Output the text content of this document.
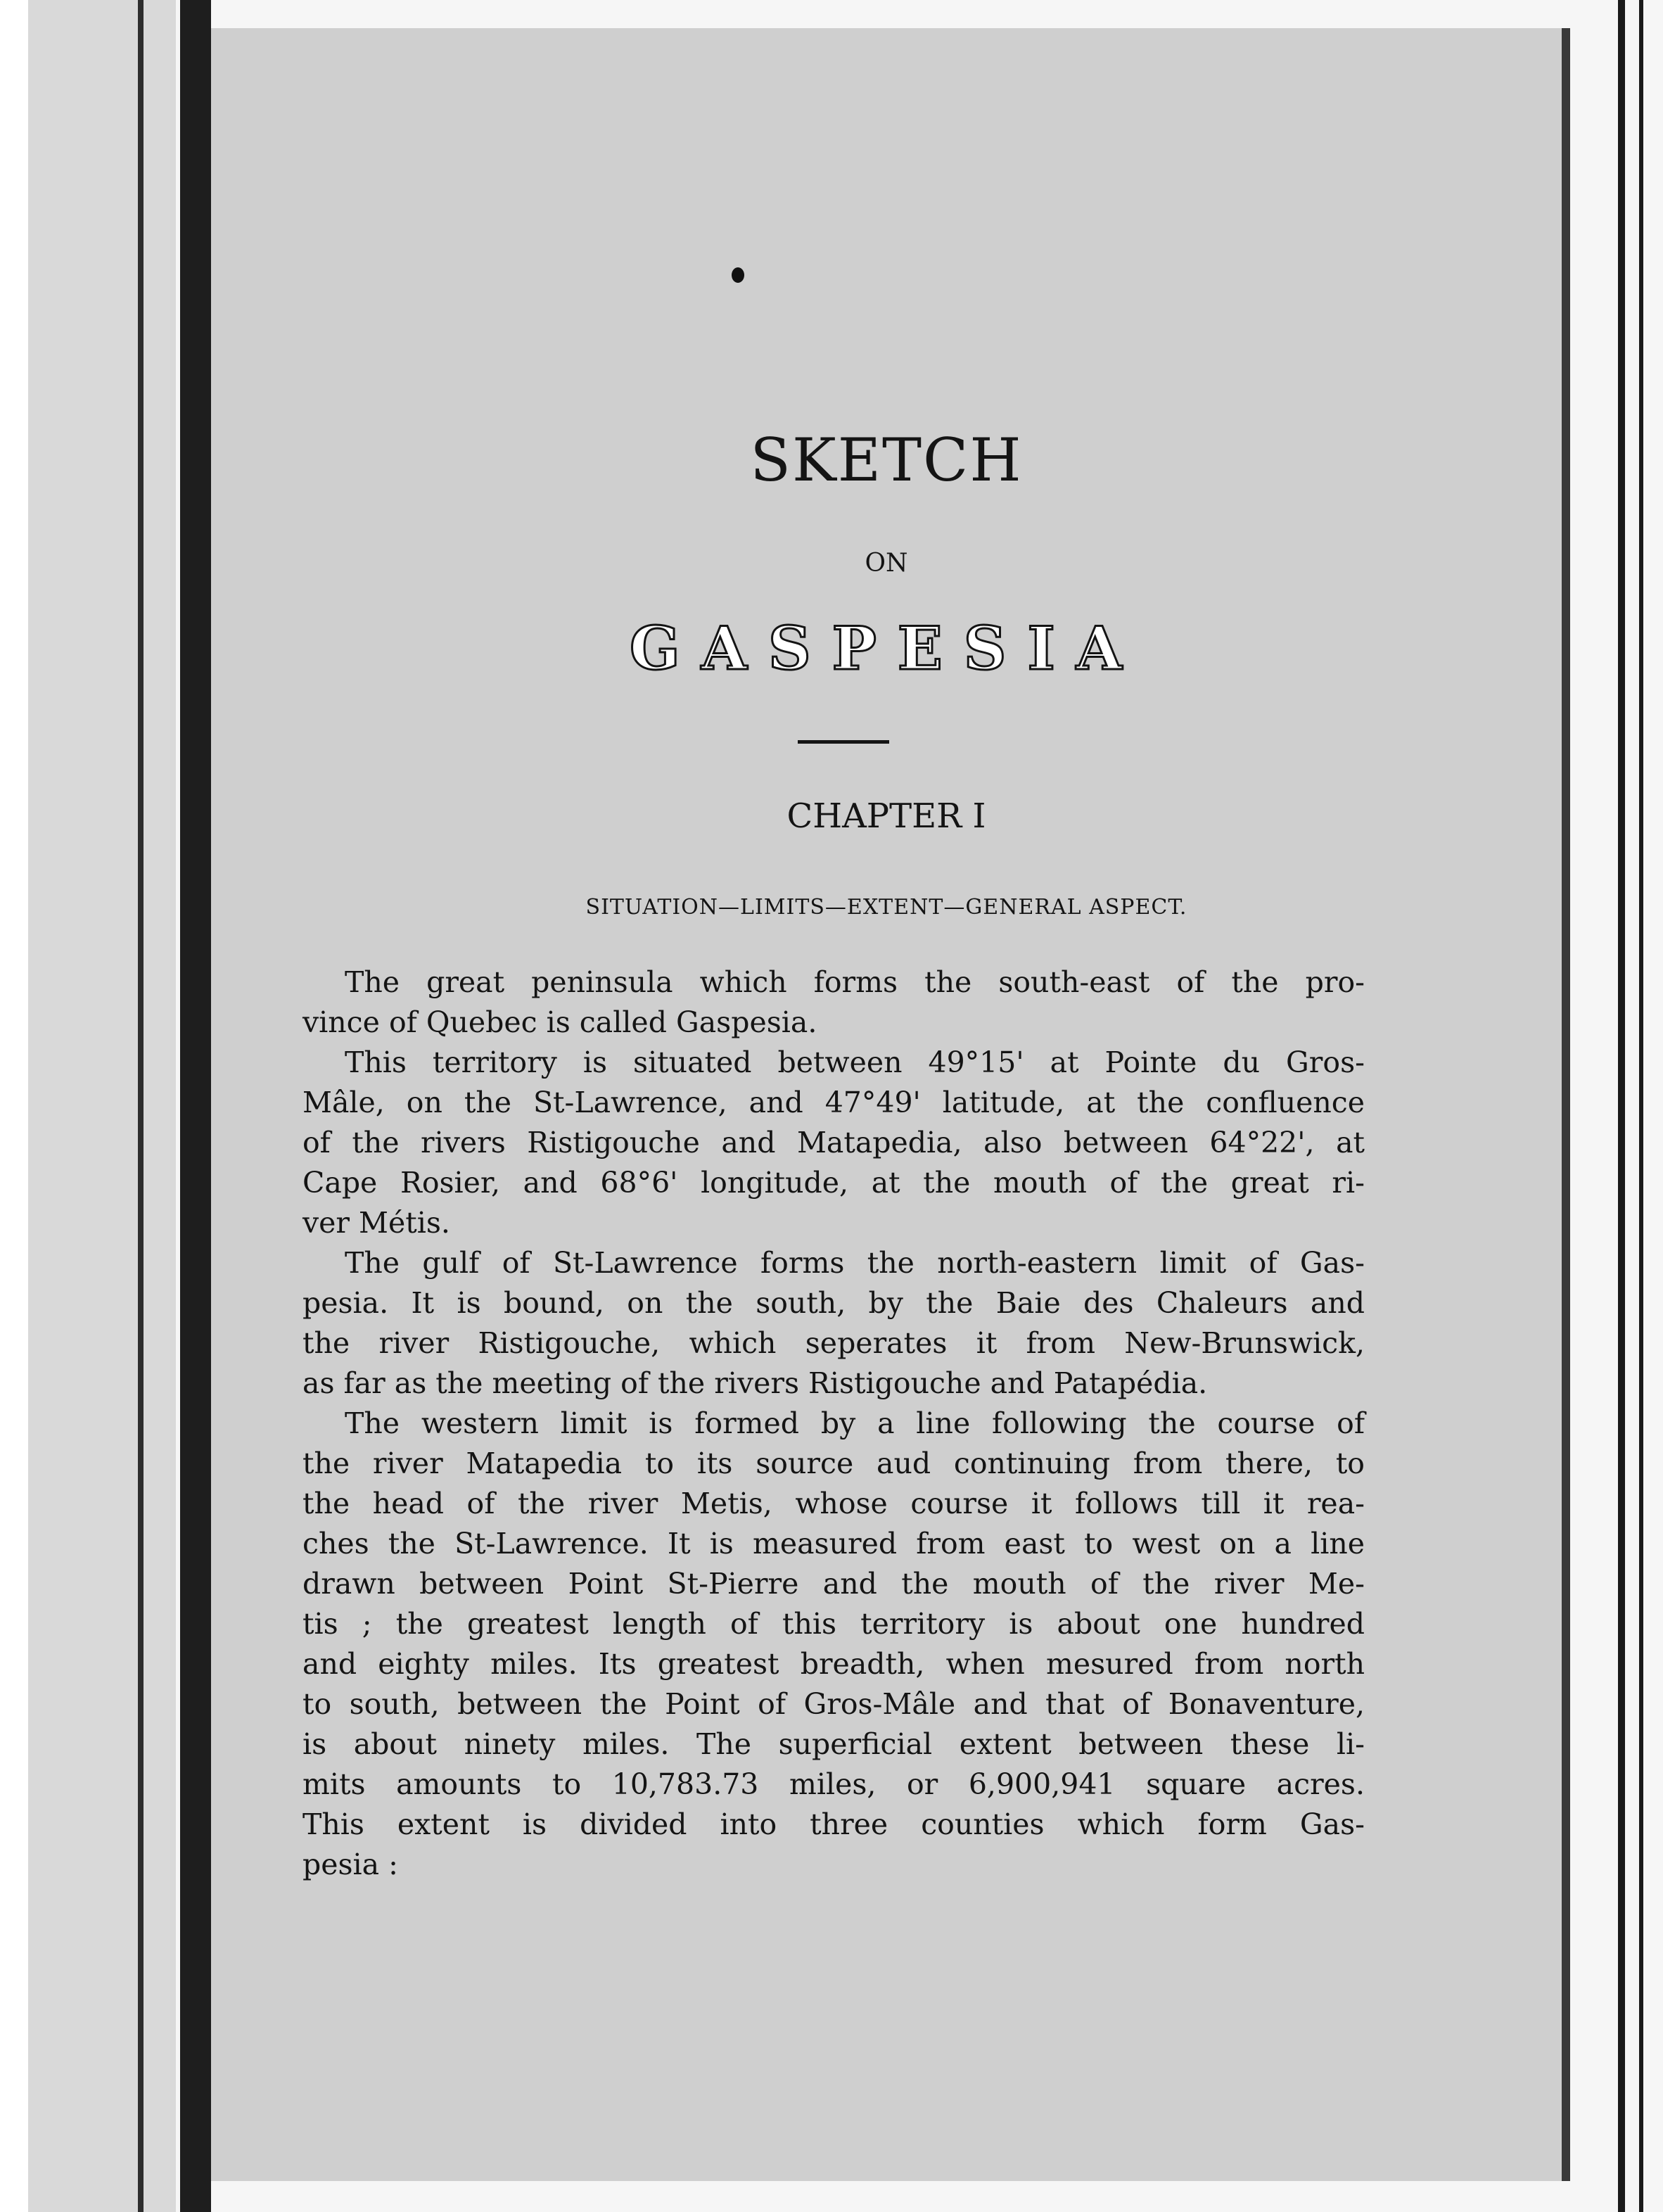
SKETCH
ON
GASPESIA
CHAPTER I
SITUATION—LIMITS—EXTENT—GENERAL ASPECT.
The great peninsula which forms the south-east of the pro-
vince of Quebec is called Gaspesia.
This territory is situated between 49°15' at Pointe du Gros-
Mâle, on the St-Lawrence, and 47°49' latitude, at the confluence
of the rivers Ristigouche and Matapedia, also between 64°22', at
Cape Rosier, and 68°6' longitude, at the mouth of the great ri-
ver Métis.
The gulf of St-Lawrence forms the north-eastern limit of Gas-
pesia. It is bound, on the south, by the Baie des Chaleurs and
the river Ristigouche, which seperates it from New-Brunswick,
as far as the meeting of the rivers Ristigouche and Patapédia.
The western limit is formed by a line following the course of
the river Matapedia to its source aud continuing from there, to
the head of the river Metis, whose course it follows till it rea-
ches the St-Lawrence. It is measured from east to west on a line
drawn between Point St-Pierre and the mouth of the river Me-
tis ; the greatest length of this territory is about one hundred
and eighty miles. Its greatest breadth, when mesured from north
to south, between the Point of Gros-Mâle and that of Bonaventure,
is about ninety miles. The superficial extent between these li-
mits amounts to 10,783.73 miles, or 6,900,941 square acres.
This extent is divided into three counties which form Gas-
pesia :
